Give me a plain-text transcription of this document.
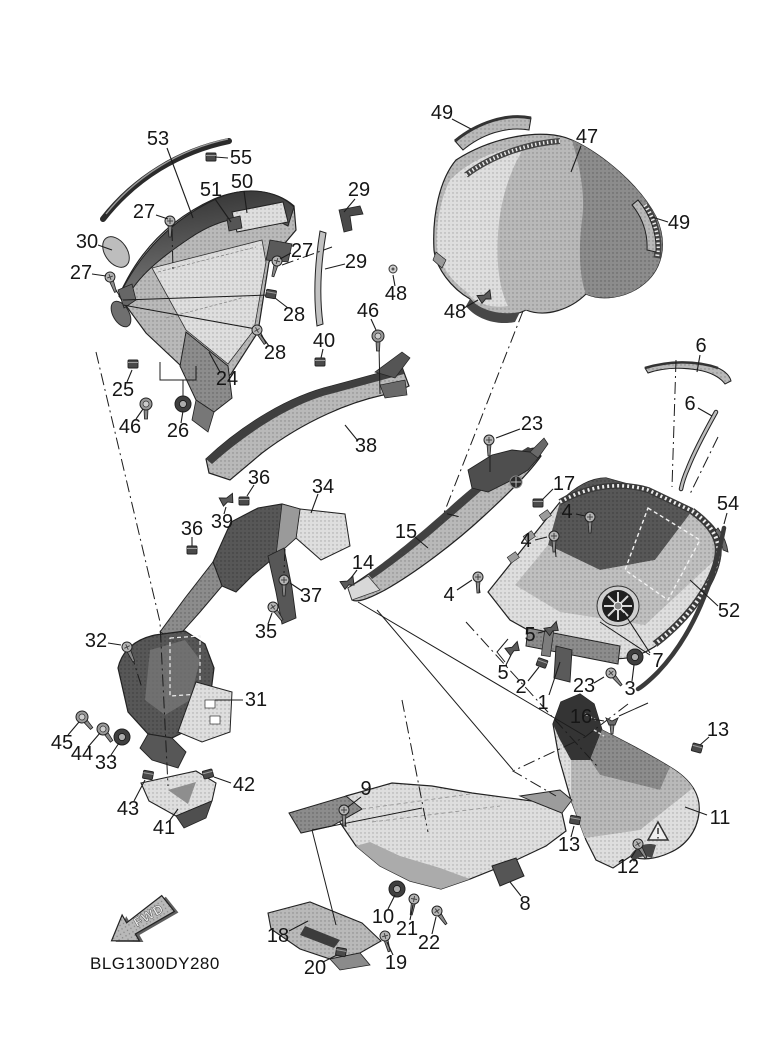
FWD
BLG1300DY280
53
55
51 50	29
27
30
27
27 29
48
48
28
28
46
40
24
25
46 26
38
36 34
39
36	15
14
23
17
4
4
4
6
6
54
52
5
5
2
1
23 3
7
16
13
13
11
12
9
10
21
22
18
19
20
8
31
32	35
37
45
44 33
43
41
42
47
49
49
